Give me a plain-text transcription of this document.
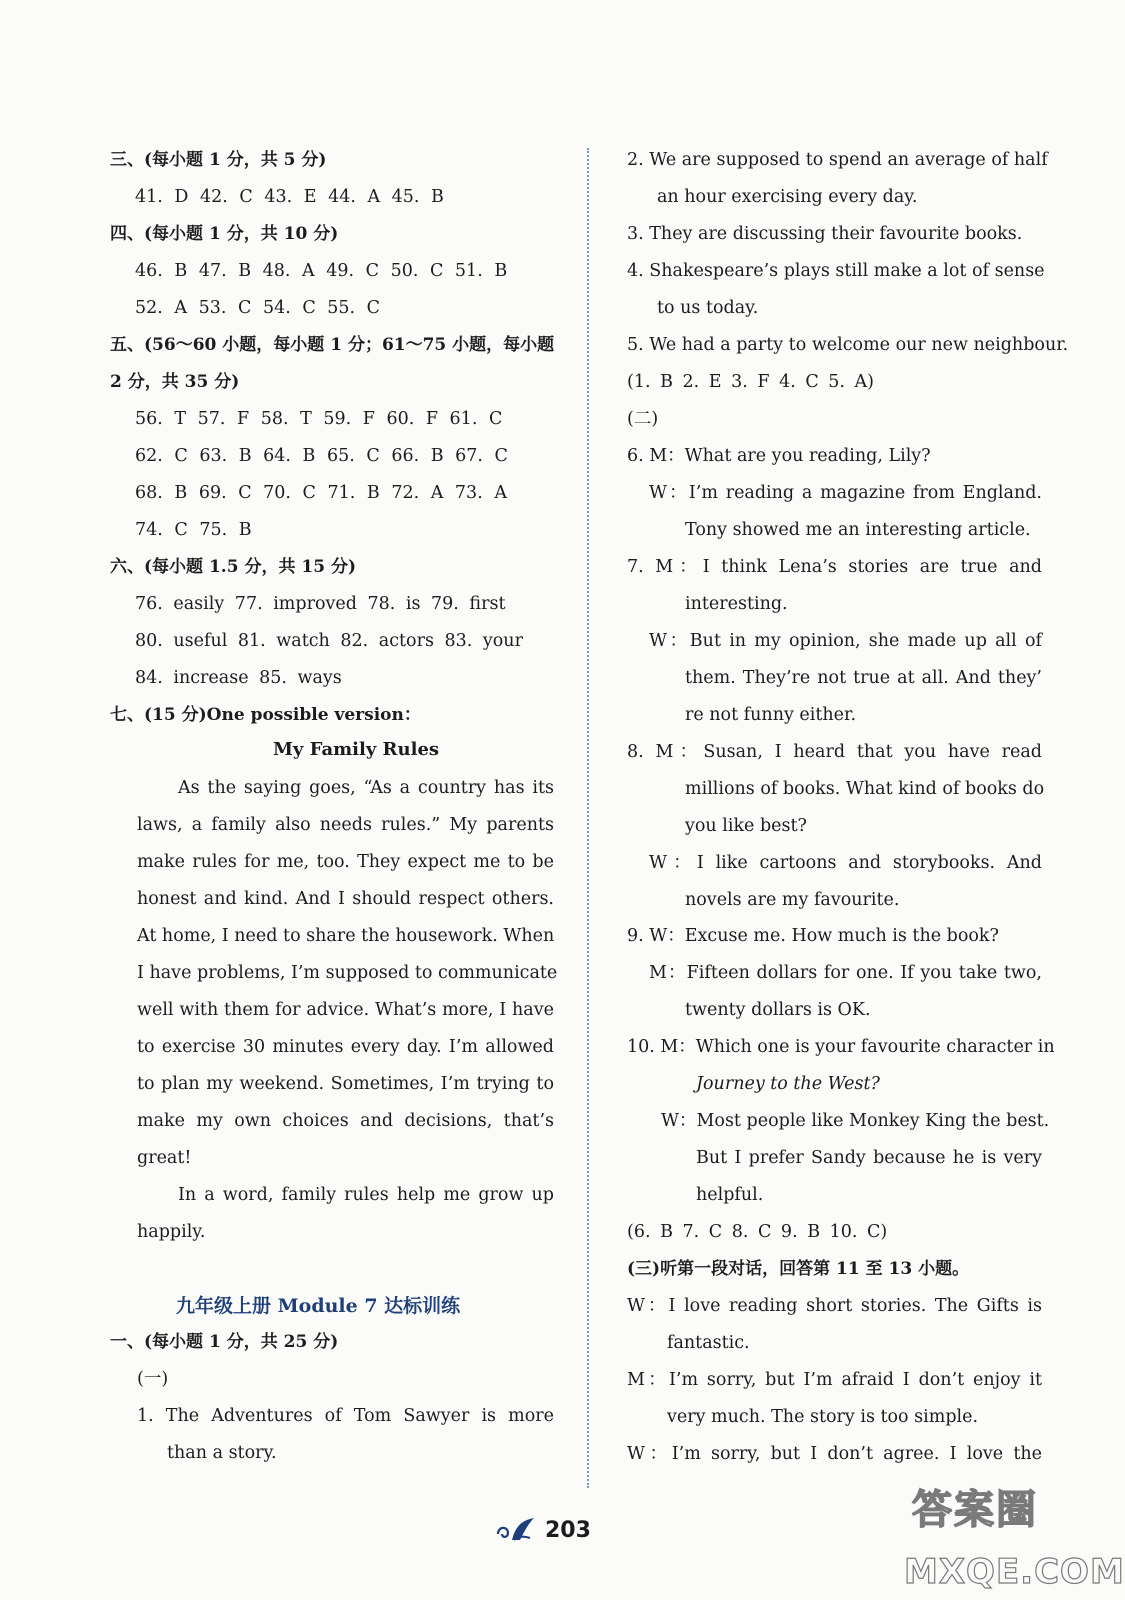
三、(每小题 1 分，共 5 分)
41. D 42. C 43. E 44. A 45. B
四、(每小题 1 分，共 10 分)
46. B 47. B 48. A 49. C 50. C 51. B
52. A 53. C 54. C 55. C
五、(56～60 小题，每小题 1 分；61～75 小题，每小题
2 分，共 35 分)
56. T 57. F 58. T 59. F 60. F 61. C
62. C 63. B 64. B 65. C 66. B 67. C
68. B 69. C 70. C 71. B 72. A 73. A
74. C 75. B
六、(每小题 1.5 分，共 15 分)
76. easily 77. improved 78. is 79. first
80. useful 81. watch 82. actors 83. your
84. increase 85. ways
七、(15 分)One possible version：
My Family Rules
As the saying goes, “As a country has its
laws, a family also needs rules.” My parents
make rules for me, too. They expect me to be
honest and kind. And I should respect others.
At home, I need to share the housework. When
I have problems, I’m supposed to communicate
well with them for advice. What’s more, I have
to exercise 30 minutes every day. I’m allowed
to plan my weekend. Sometimes, I’m trying to
make my own choices and decisions, that’s
great!
In a word, family rules help me grow up
happily.
九年级上册 Module 7 达标训练
一、(每小题 1 分，共 25 分)
(一)
1. The Adventures of Tom Sawyer is more
than a story.
2. We are supposed to spend an average of half
an hour exercising every day.
3. They are discussing their favourite books.
4. Shakespeare’s plays still make a lot of sense
to us today.
5. We had a party to welcome our new neighbour.
(1. B 2. E 3. F 4. C 5. A)
(二)
6. M：What are you reading, Lily?
W：I’m reading a magazine from England.
Tony showed me an interesting article.
7. M：I think Lena’s stories are true and
interesting.
W：But in my opinion, she made up all of
them. They’re not true at all. And they’
re not funny either.
8. M：Susan, I heard that you have read
millions of books. What kind of books do
you like best?
W：I like cartoons and storybooks. And
novels are my favourite.
9. W：Excuse me. How much is the book?
M：Fifteen dollars for one. If you take two,
twenty dollars is OK.
10. M：Which one is your favourite character in
Journey to the West?
W：Most people like Monkey King the best.
But I prefer Sandy because he is very
helpful.
(6. B 7. C 8. C 9. B 10. C)
(三)听第一段对话，回答第 11 至 13 小题。
W：I love reading short stories. The Gifts is
fantastic.
M：I’m sorry, but I’m afraid I don’t enjoy it
very much. The story is too simple.
W：I’m sorry, but I don’t agree. I love the
203	答案圈
MXQE.COM
